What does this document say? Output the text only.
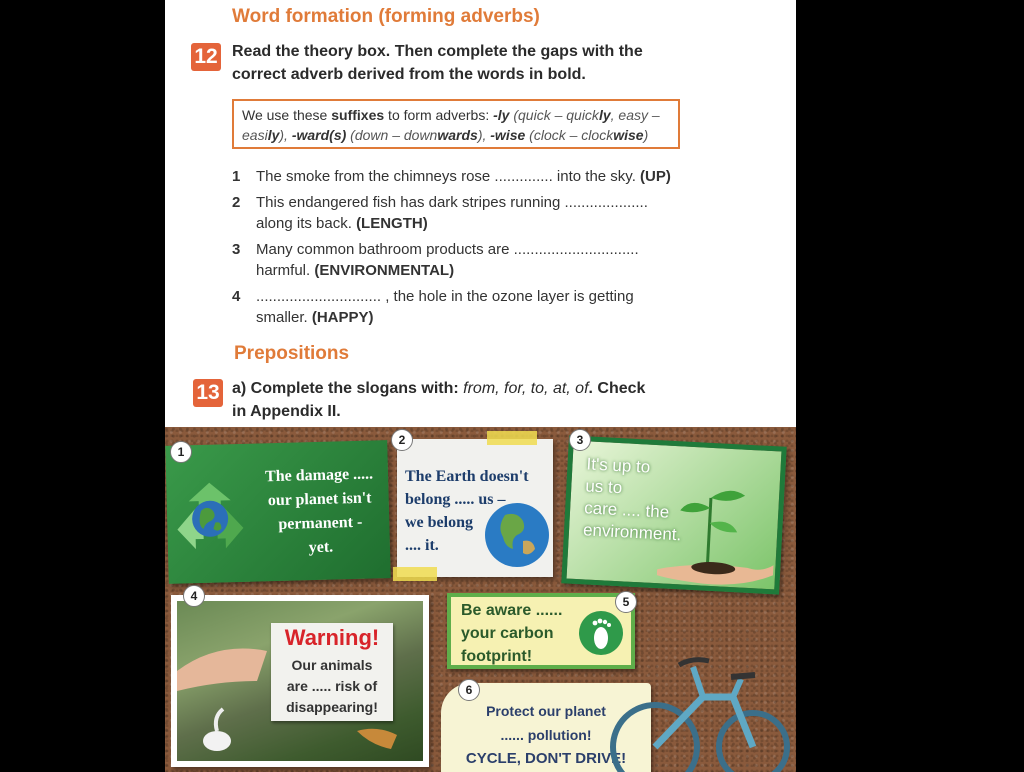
Word formation (forming adverbs)
12 Read the theory box. Then complete the gaps with the
correct adverb derived from the words in bold.
We use these suffixes to form adverbs: -ly (quick – quickly, easy –
easily), -ward(s) (down – downwards), -wise (clock – clockwise)
1 The smoke from the chimneys rose .............. into the sky. (UP)
2 This endangered fish has dark stripes running ....................
along its back. (LENGTH)
3 Many common bathroom products are ..............................
harmful. (ENVIRONMENTAL)
4 .............................. , the hole in the ozone layer is getting
smaller. (HAPPY)
Prepositions
13 a) Complete the slogans with: from, for, to, at, of. Check
in Appendix II.
The damage .....
our planet isn't
permanent -
yet.
1
The Earth doesn't
belong ..... us –
we belong
.... it.
2
It's up to
us to
care .... the
environment.
3
Warning!
Our animals
are ..... risk of
disappearing!
4
Be aware ......
your carbon
footprint!
5
Protect our planet
...... pollution!
CYCLE, DON'T DRIVE!
6
